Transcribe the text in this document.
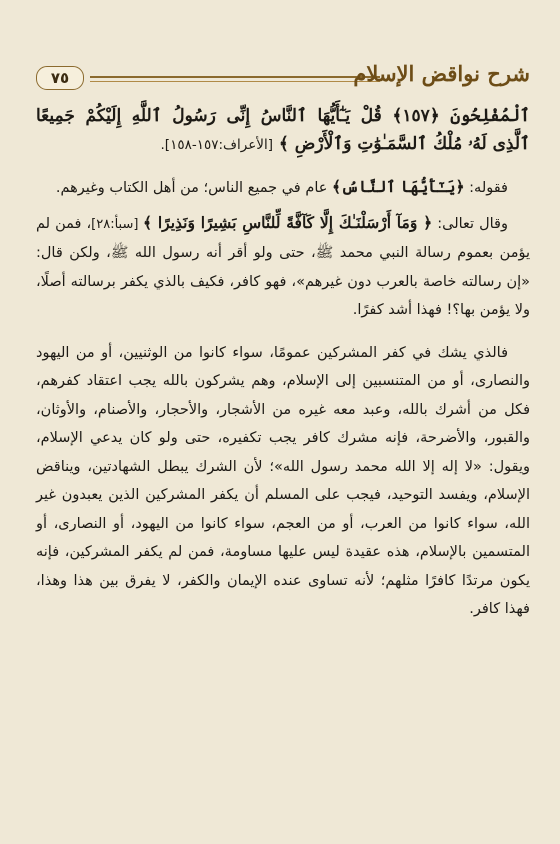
٧٥	شرح نواقض الإسلام

ٱلْمُفْلِحُونَ ﴿١٥٧﴾ قُلْ يَـٰٓأَيُّهَا ٱلنَّاسُ إِنِّى رَسُولُ ٱللَّهِ إِلَيْكُمْ جَمِيعًا ٱلَّذِى لَهُۥ مُلْكُ ٱلسَّمَـٰوَٰتِ وَٱلْأَرْضِ ﴾ [الأعراف:١٥٧-١٥٨].

فقوله: ﴿يَـٰٓأَيُّهَا ٱلنَّاسُ﴾ عام في جميع الناس؛ من أهل الكتاب وغيرهم.

وقال تعالى: ﴿ وَمَآ أَرْسَلْنَـٰكَ إِلَّا كَآفَّةً لِّلنَّاسِ بَشِيرًا وَنَذِيرًا ﴾ [سبأ:٢٨]، فمن لم يؤمن بعموم رسالة النبي محمد ﷺ، حتى ولو أقر أنه رسول الله ﷺ، ولكن قال: «إن رسالته خاصة بالعرب دون غيرهم»، فهو كافر، فكيف بالذي يكفر برسالته أصلًا، ولا يؤمن بها؟! فهذا أشد كفرًا.

فالذي يشك في كفر المشركين عمومًا، سواء كانوا من الوثنيين، أو من اليهود والنصارى، أو من المتنسبين إلى الإسلام، وهم يشركون بالله يجب اعتقاد كفرهم، فكل من أشرك بالله، وعبد معه غيره من الأشجار، والأحجار، والأصنام، والأوثان، والقبور، والأضرحة، فإنه مشرك كافر يجب تكفيره، حتى ولو كان يدعي الإسلام، ويقول: «لا إله إلا الله محمد رسول الله»؛ لأن الشرك يبطل الشهادتين، ويناقض الإسلام، ويفسد التوحيد، فيجب على المسلم أن يكفر المشركين الذين يعبدون غير الله، سواء كانوا من العرب، أو من العجم، سواء كانوا من اليهود، أو النصارى، أو المتسمين بالإسلام، هذه عقيدة ليس عليها مساومة، فمن لم يكفر المشركين، فإنه يكون مرتدًا كافرًا مثلهم؛ لأنه تساوى عنده الإيمان والكفر، لا يفرق بين هذا وهذا، فهذا كافر.
